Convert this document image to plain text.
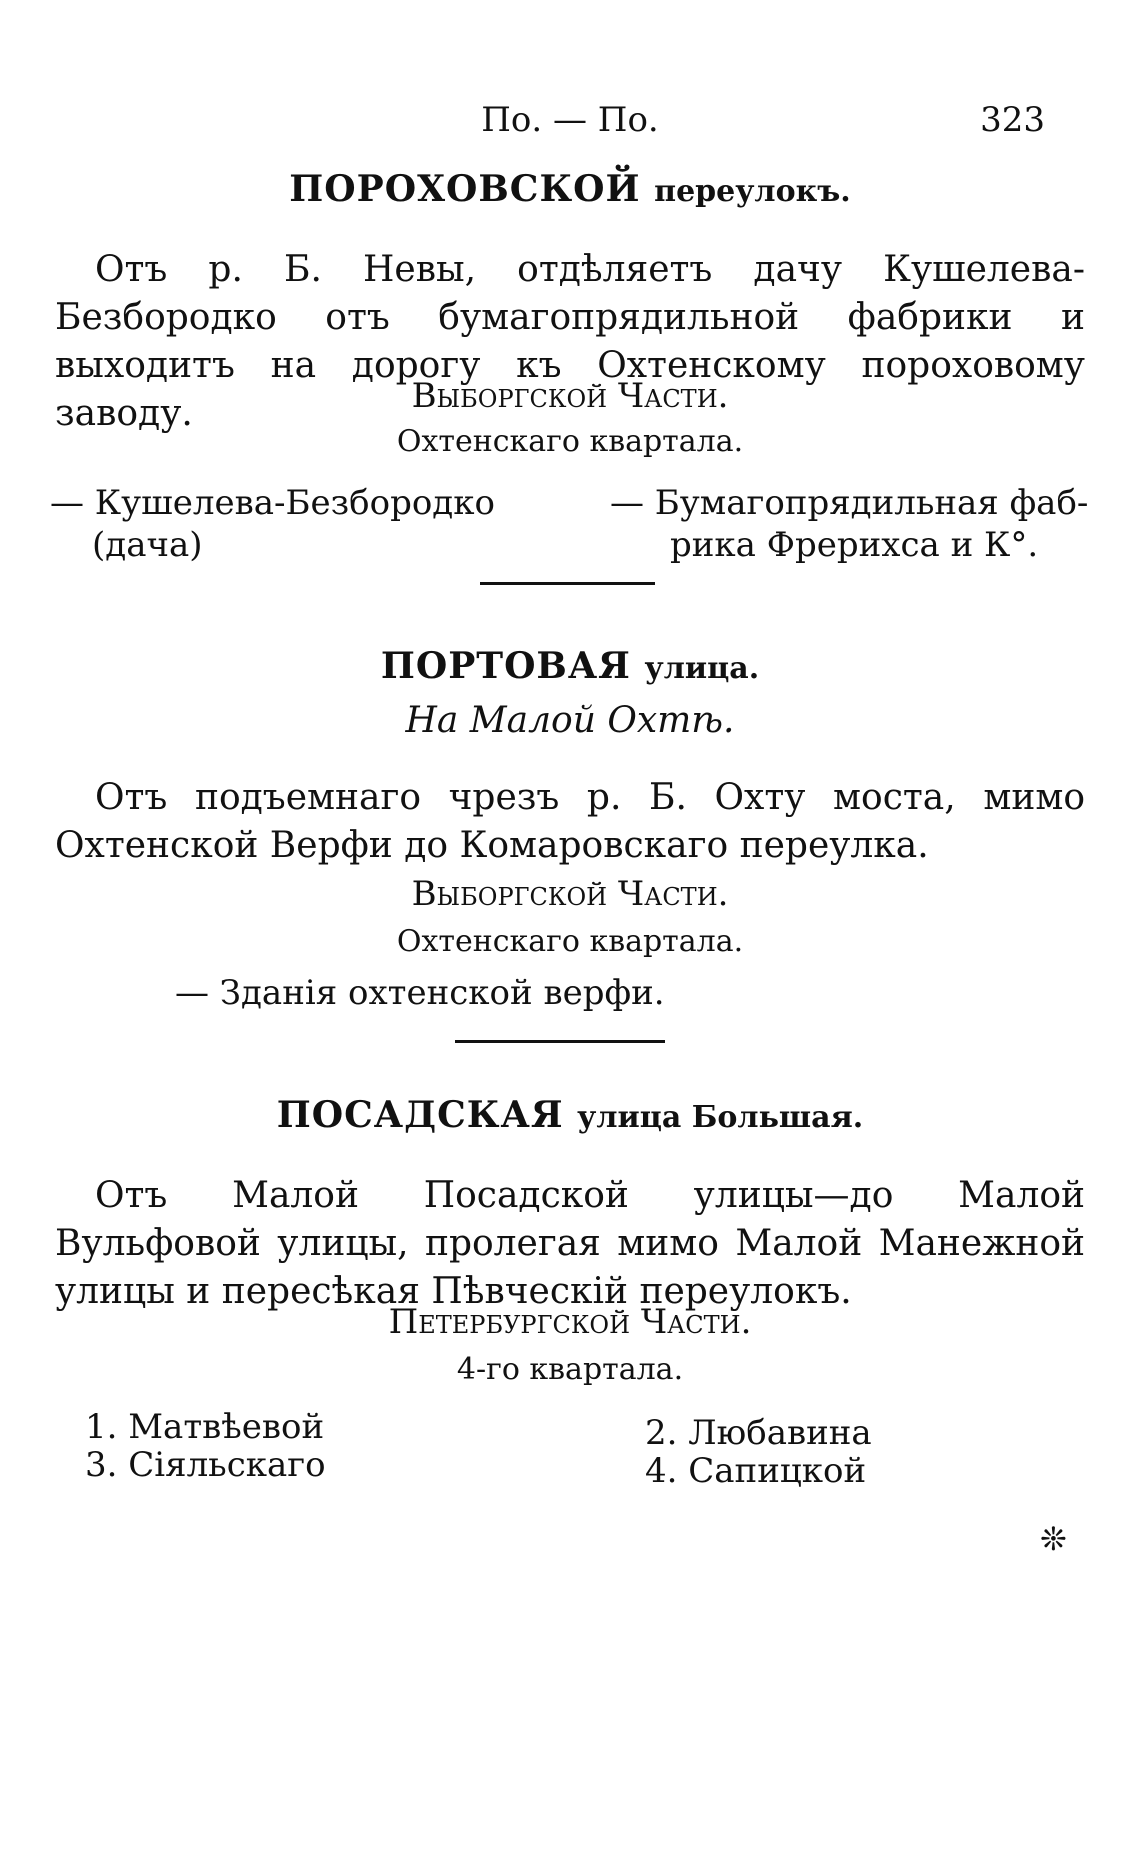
По. — По.	323
ПОРОХОВСКОЙ переулокъ.
Отъ р. Б. Невы, отдѣляетъ дачу Кушелева-Безбородко отъ бумагопрядильной фабрики и выходитъ на дорогу къ Охтенскому пороховому заводу.	Выборгской Части.
Охтенскаго квартала.
— Кушелева-Безбородко
(дача)
— Бумагопрядильная фаб-
рика Фрерихса и К°.
ПОРТОВАЯ улица.
На Малой Охтѣ.
Отъ подъемнаго чрезъ р. Б. Охту моста, мимо Охтенской Верфи до Комаровскаго переулка.
Выборгской Части.
Охтенскаго квартала.
— Зданія охтенской верфи.
ПОСАДСКАЯ улица Большая.
Отъ Малой Посадской улицы—до Малой Вульфовой улицы, пролегая мимо Малой Манежной улицы и пересѣкая Пѣвческій переулокъ.
Петербургской Части.
4-го квартала.
1. Матвѣевой	2. Любавина
3. Сіяльскаго	4. Сапицкой
❊
